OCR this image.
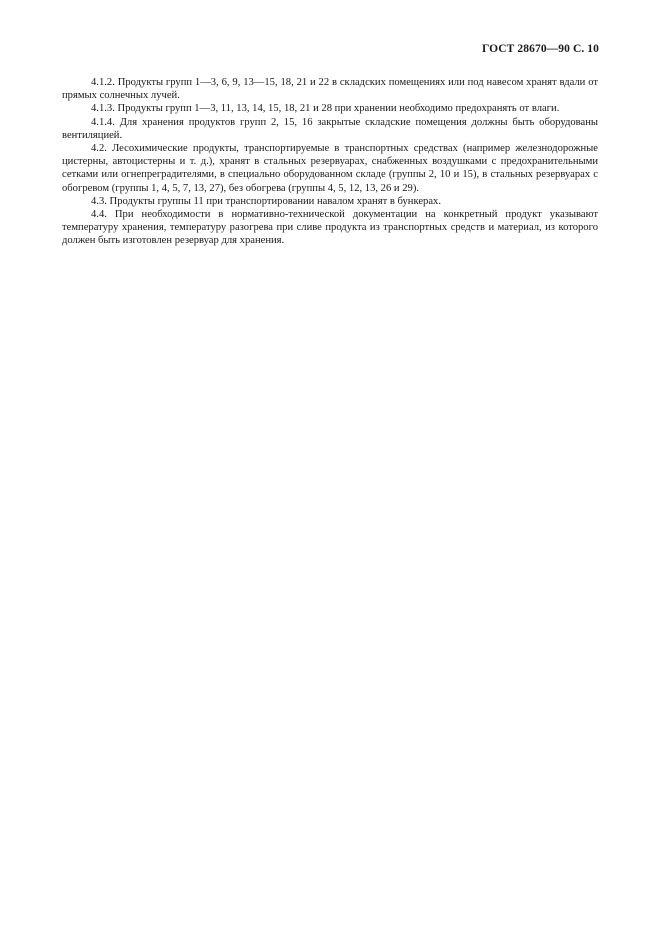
ГОСТ 28670—90 С. 10

4.1.2. Продукты групп 1—3, 6, 9, 13—15, 18, 21 и 22 в складских помещениях или под навесом хранят вдали от прямых солнечных лучей.

4.1.3. Продукты групп 1—3, 11, 13, 14, 15, 18, 21 и 28 при хранении необходимо предохранять от влаги.

4.1.4. Для хранения продуктов групп 2, 15, 16 закрытые складские помещения должны быть оборудованы вентиляцией.

4.2. Лесохимические продукты, транспортируемые в транспортных средствах (например железнодорожные цистерны, автоцистерны и т. д.), хранят в стальных резервуарах, снабженных воздушками с предохранительными сетками или огнепреградителями, в специально оборудованном складе (группы 2, 10 и 15), в стальных резервуарах с обогревом (группы 1, 4, 5, 7, 13, 27), без обогрева (группы 4, 5, 12, 13, 26 и 29).

4.3. Продукты группы 11 при транспортировании навалом хранят в бункерах.

4.4. При необходимости в нормативно-технической документации на конкретный продукт указывают температуру хранения, температуру разогрева при сливе продукта из транспортных средств и материал, из которого должен быть изготовлен резервуар для хранения.
